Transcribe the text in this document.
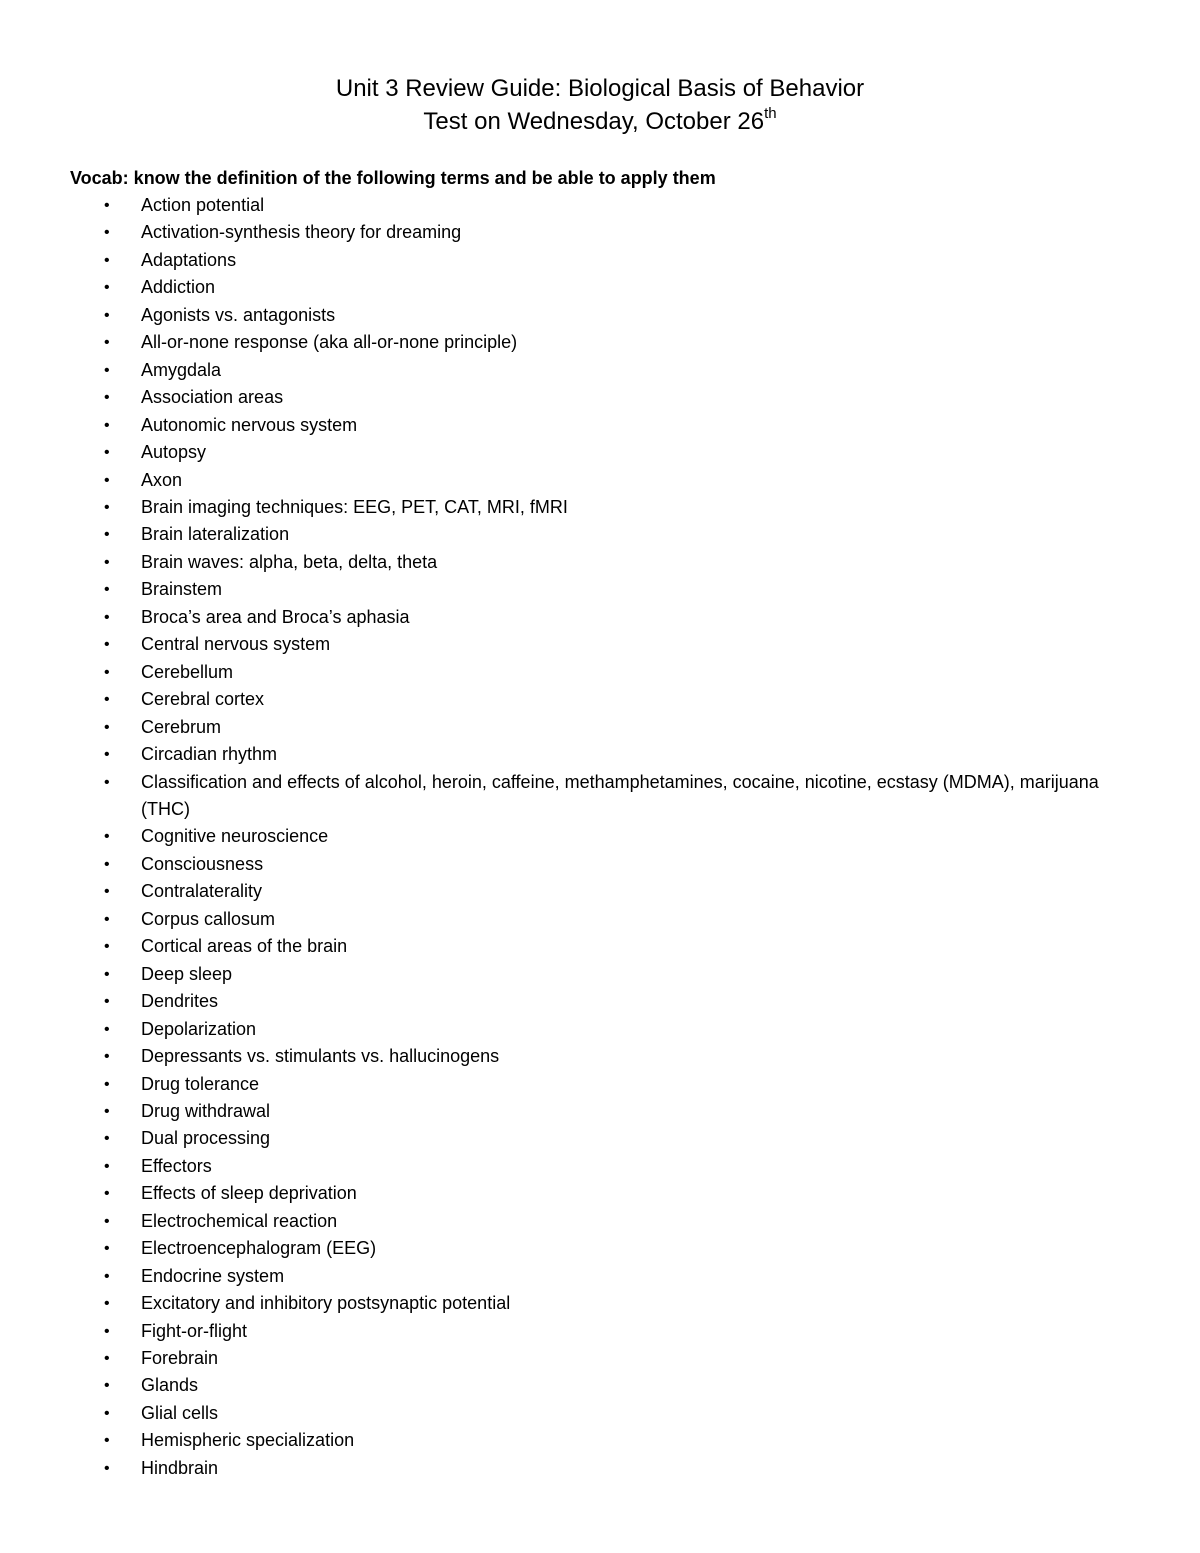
Unit 3 Review Guide: Biological Basis of Behavior
Test on Wednesday, October 26th
Vocab: know the definition of the following terms and be able to apply them
• Action potential
• Activation-synthesis theory for dreaming
• Adaptations
• Addiction
• Agonists vs. antagonists
• All-or-none response (aka all-or-none principle)
• Amygdala
• Association areas
• Autonomic nervous system
• Autopsy
• Axon
• Brain imaging techniques: EEG, PET, CAT, MRI, fMRI
• Brain lateralization
• Brain waves: alpha, beta, delta, theta
• Brainstem
• Broca’s area and Broca’s aphasia
• Central nervous system
• Cerebellum
• Cerebral cortex
• Cerebrum
• Circadian rhythm
• Classification and effects of alcohol, heroin, caffeine, methamphetamines, cocaine, nicotine, ecstasy (MDMA), marijuana (THC)
• Cognitive neuroscience
• Consciousness
• Contralaterality
• Corpus callosum
• Cortical areas of the brain
• Deep sleep
• Dendrites
• Depolarization
• Depressants vs. stimulants vs. hallucinogens
• Drug tolerance
• Drug withdrawal
• Dual processing
• Effectors
• Effects of sleep deprivation
• Electrochemical reaction
• Electroencephalogram (EEG)
• Endocrine system
• Excitatory and inhibitory postsynaptic potential
• Fight-or-flight
• Forebrain
• Glands
• Glial cells
• Hemispheric specialization
• Hindbrain
